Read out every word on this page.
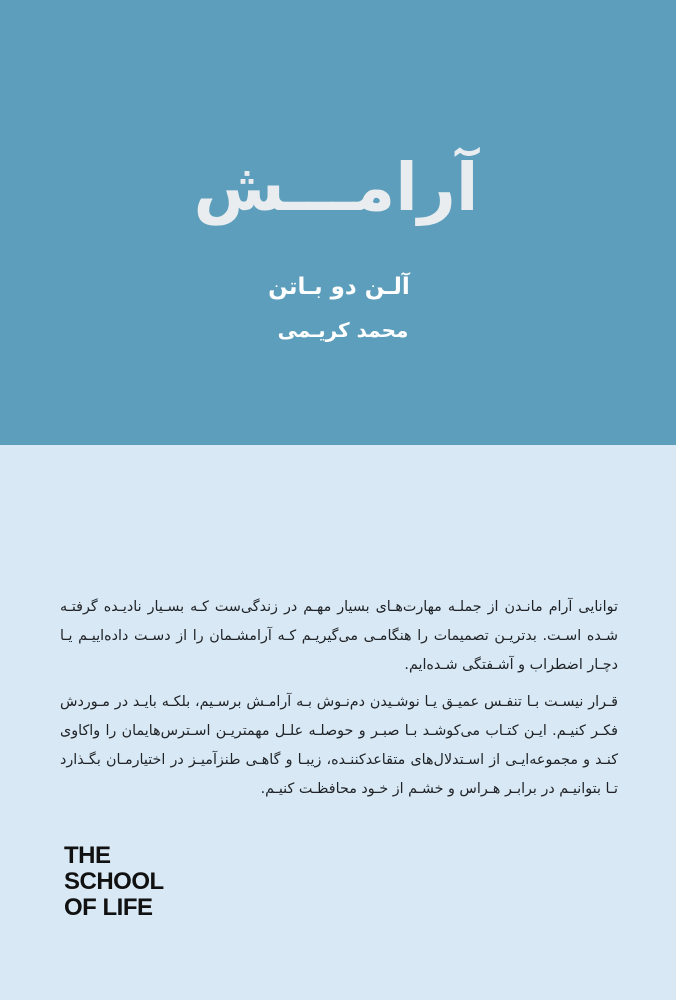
آرامـــش
آلـن دو بـاتن
محمد کریـمی

توانایی آرام مانـدن از جملـه مهارت‌هـای بسیار مهـم در زندگی‌ست کـه بسـیار نادیـده گرفتـه شـده اسـت. بدتریـن تصمیمات را هنگامـی می‌گیریـم کـه آرامشـمان را از دسـت داده‌اییـم یـا دچـار اضطراب و آشـفتگی شـده‌ایم.

قـرار نیسـت بـا تنفـس عمیـق یـا نوشـیدن دم‌نـوش بـه آرامـش برسـیم، بلکـه بایـد در مـوردش فکـر کنیـم. ایـن کتـاب می‌کوشـد بـا صبـر و حوصلـه علـل مهمتریـن اسـترس‌هایمان را واکاوی کنـد و مجموعه‌ایـی از اسـتدلال‌های متقاعدکننـده، زیبـا و گاهـی طنزآمیـز در اختیارمـان بگـذارد تـا بتوانیـم در برابـر هـراس و خشـم از خـود محافظـت کنیـم.

THE
SCHOOL
OF LIFE
